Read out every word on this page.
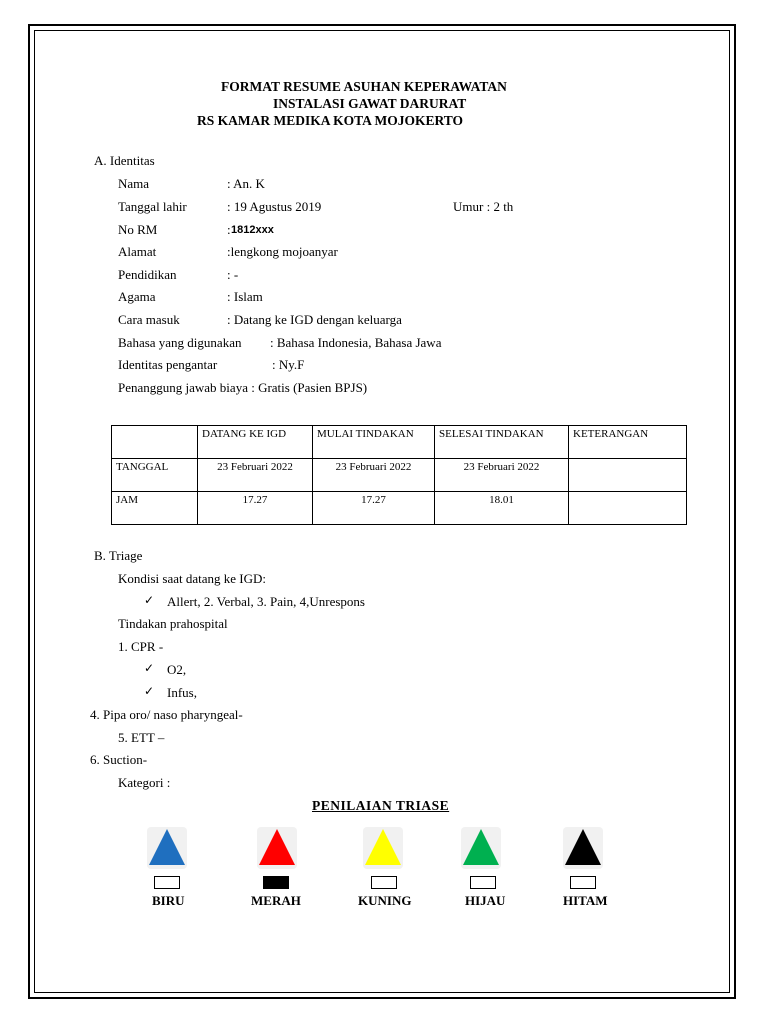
FORMAT RESUME ASUHAN KEPERAWATAN
INSTALASI GAWAT DARURAT
RS KAMAR MEDIKA KOTA MOJOKERTO
A. Identitas
Nama	: An. K
Tanggal lahir	: 19 Agustus 2019	Umur : 2 th
No RM	: 1812xxx
Alamat	:lengkong mojoanyar
Pendidikan	: -
Agama	: Islam
Cara masuk	: Datang ke IGD dengan keluarga
Bahasa yang digunakan : Bahasa Indonesia, Bahasa Jawa
Identitas pengantar	: Ny.F
Penanggung jawab biaya : Gratis (Pasien BPJS)
	DATANG KE IGD	MULAI TINDAKAN	SELESAI TINDAKAN	KETERANGAN
TANGGAL	23 Februari 2022	23 Februari 2022	23 Februari 2022	
JAM	17.27	17.27	18.01	
B. Triage
Kondisi saat datang ke IGD:
✓ Allert, 2. Verbal, 3. Pain, 4,Unrespons
Tindakan prahospital
1. CPR -
✓ O2,
✓ Infus,
4. Pipa oro/ naso pharyngeal-
5. ETT –
6. Suction-
Kategori :
PENILAIAN TRIASE
BIRU	MERAH	KUNING	HIJAU	HITAM
